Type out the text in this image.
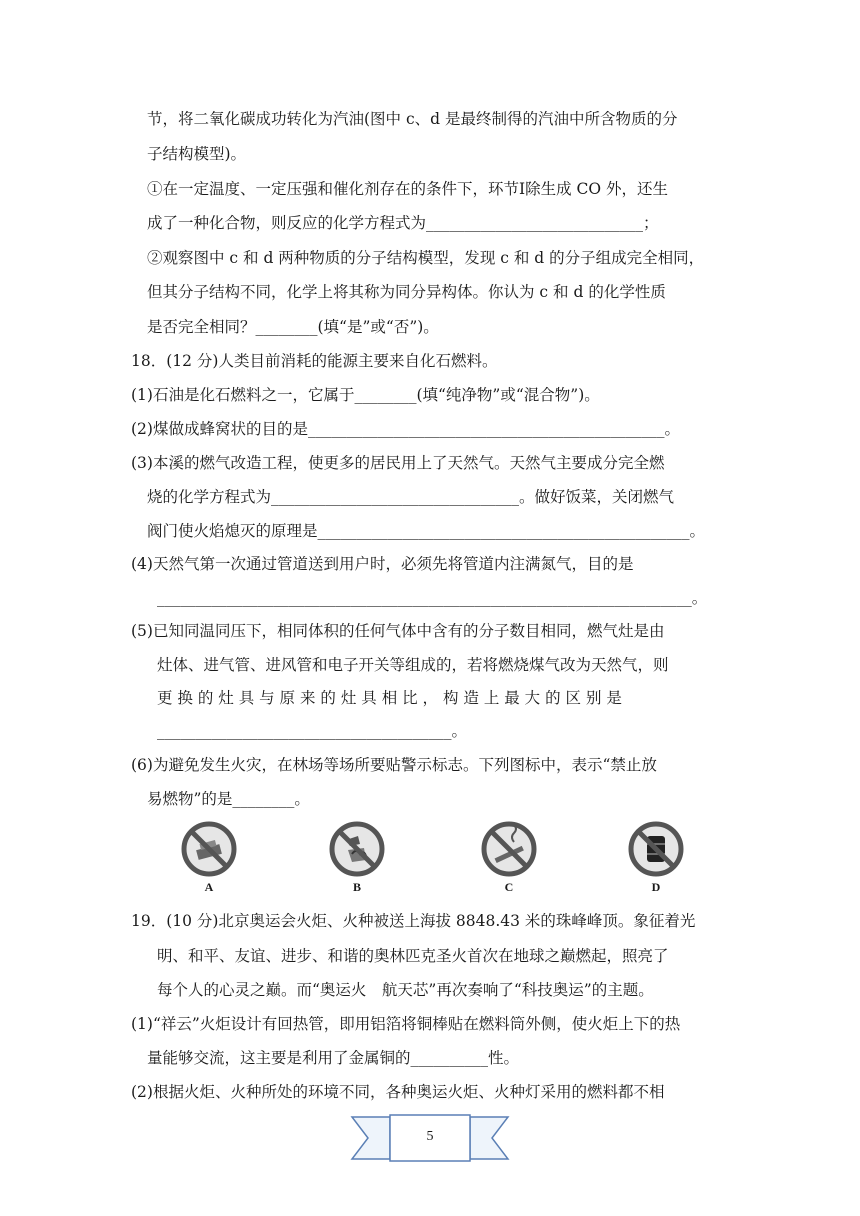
节，将二氧化碳成功转化为汽油(图中 c、d 是最终制得的汽油中所含物质的分
子结构模型)。
①在一定温度、一定压强和催化剂存在的条件下，环节Ⅰ除生成 CO 外，还生
成了一种化合物，则反应的化学方程式为____________________________；
②观察图中 c 和 d 两种物质的分子结构模型，发现 c 和 d 的分子组成完全相同，
但其分子结构不同，化学上将其称为同分异构体。你认为 c 和 d 的化学性质
是否完全相同？________(填“是”或“否”)。
18．(12 分)人类目前消耗的能源主要来自化石燃料。
(1)石油是化石燃料之一，它属于________(填“纯净物”或“混合物”)。
(2)煤做成蜂窝状的目的是______________________________________________。
(3)本溪的燃气改造工程，使更多的居民用上了天然气。天然气主要成分完全燃
烧的化学方程式为________________________________。做好饭菜，关闭燃气
阀门使火焰熄灭的原理是________________________________________________。
(4)天然气第一次通过管道送到用户时，必须先将管道内注满氮气，目的是
_____________________________________________________________________。
(5)已知同温同压下，相同体积的任何气体中含有的分子数目相同，燃气灶是由
灶体、进气管、进风管和电子开关等组成的，若将燃烧煤气改为天然气，则
更 换 的 灶 具 与 原 来 的 灶 具 相 比 ， 构 造 上 最 大 的 区 别 是
______________________________________。
(6)为避免发生火灾，在林场等场所要贴警示标志。下列图标中，表示“禁止放
易燃物”的是________。
A	B	C	D
19．(10 分)北京奥运会火炬、火种被送上海拔 8848.43 米的珠峰峰顶。象征着光
明、和平、友谊、进步、和谐的奥林匹克圣火首次在地球之巅燃起，照亮了
每个人的心灵之巅。而“奥运火　航天芯”再次奏响了“科技奥运”的主题。
(1)“祥云”火炬设计有回热管，即用铝箔将铜棒贴在燃料筒外侧，使火炬上下的热
量能够交流，这主要是利用了金属铜的__________性。
(2)根据火炬、火种所处的环境不同，各种奥运火炬、火种灯采用的燃料都不相
5
